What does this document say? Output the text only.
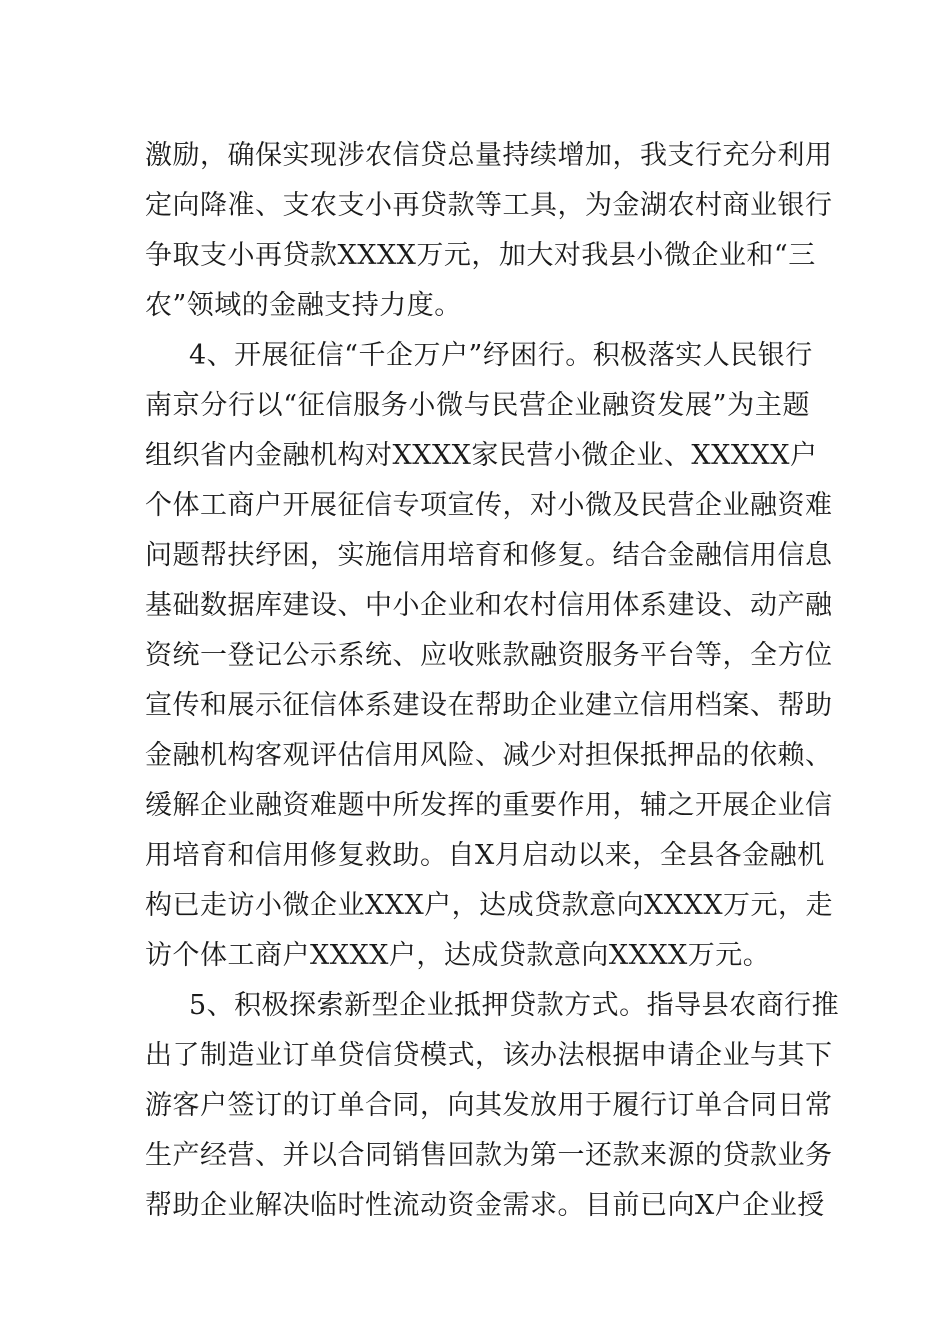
激励，确保实现涉农信贷总量持续增加，我支行充分利用
定向降准、支农支小再贷款等工具，为金湖农村商业银行
争取支小再贷款XXXX万元，加大对我县小微企业和“三
农”领域的金融支持力度。
4、开展征信“千企万户”纾困行。积极落实人民银行
南京分行以“征信服务小微与民营企业融资发展”为主题
组织省内金融机构对XXXX家民营小微企业、XXXXX户
个体工商户开展征信专项宣传，对小微及民营企业融资难
问题帮扶纾困，实施信用培育和修复。结合金融信用信息
基础数据库建设、中小企业和农村信用体系建设、动产融
资统一登记公示系统、应收账款融资服务平台等，全方位
宣传和展示征信体系建设在帮助企业建立信用档案、帮助
金融机构客观评估信用风险、减少对担保抵押品的依赖、
缓解企业融资难题中所发挥的重要作用，辅之开展企业信
用培育和信用修复救助。自X月启动以来，全县各金融机
构已走访小微企业XXX户，达成贷款意向XXXX万元，走
访个体工商户XXXX户，达成贷款意向XXXX万元。
5、积极探索新型企业抵押贷款方式。指导县农商行推
出了制造业订单贷信贷模式，该办法根据申请企业与其下
游客户签订的订单合同，向其发放用于履行订单合同日常
生产经营、并以合同销售回款为第一还款来源的贷款业务
帮助企业解决临时性流动资金需求。目前已向X户企业授
